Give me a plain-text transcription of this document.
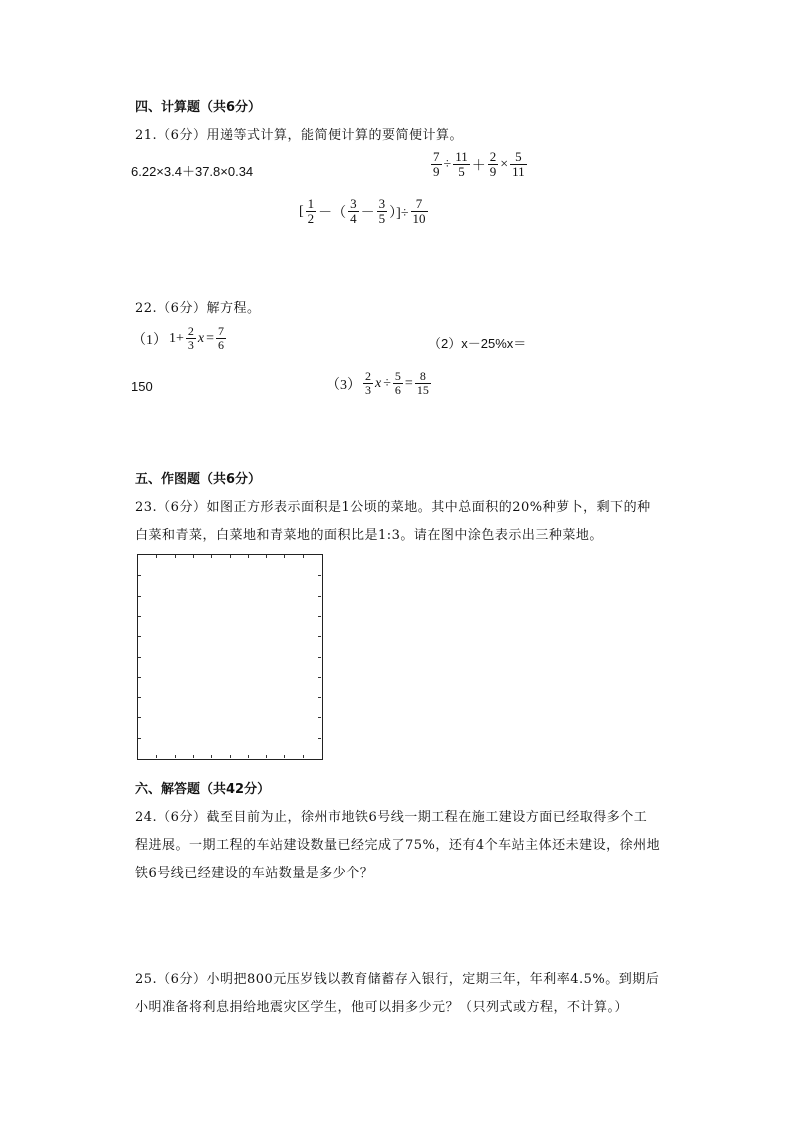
四、计算题（共6分）
21.（6分）用递等式计算，能简便计算的要简便计算。
6.22×3.4＋37.8×0.34	$\frac{7}{9} \div \frac{11}{5} + \frac{2}{9} \times \frac{5}{11}$
[ $\frac{1}{2}$ －（ $\frac{3}{4} - \frac{3}{5}$ ）]÷ $\frac{7}{10}$
22.（6分）解方程。
（1） $1+ \frac{2}{3}$ $x = \frac{7}{6}$	（2）x－25%x＝
150	$(3) \frac{2}{3}$ $x \div \frac{5}{6} = \frac{8}{15}$
五、作图题（共6分）
23.（6分）如图正方形表示面积是1公顷的菜地。其中总面积的20%种萝卜，剩下的种
白菜和青菜，白菜地和青菜地的面积比是1:3。请在图中涂色表示出三种菜地。
六、解答题（共42分）
24.（6分）截至目前为止，徐州市地铁6号线一期工程在施工建设方面已经取得多个工
程进展。一期工程的车站建设数量已经完成了75%，还有4个车站主体还未建设，徐州地
铁6号线已经建设的车站数量是多少个？
25.（6分）小明把800元压岁钱以教育储蓄存入银行，定期三年，年利率4.5%。到期后
小明准备将利息捐给地震灾区学生，他可以捐多少元？（只列式或方程，不计算。）
